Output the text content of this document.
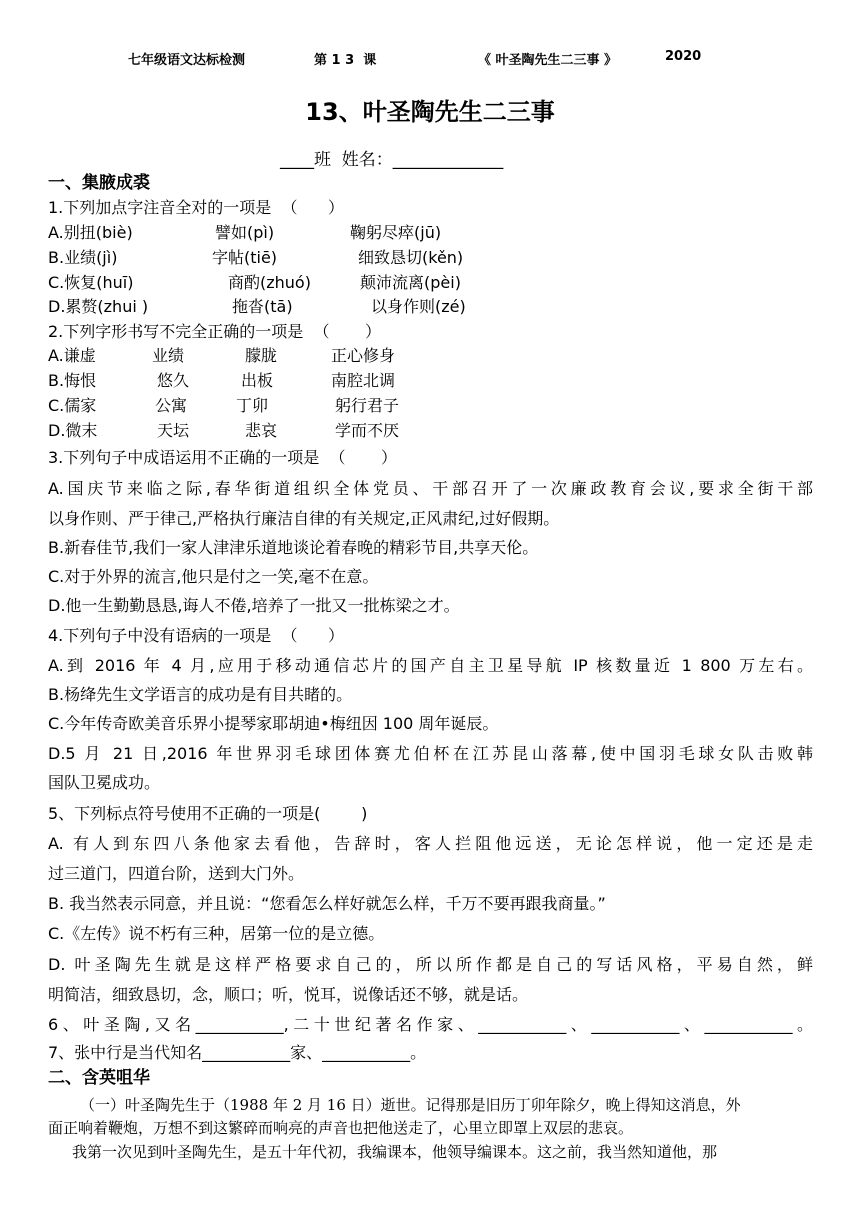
七年级语文达标检测	第 1 3  课	《 叶圣陶先生二三事 》	2020
13、叶圣陶先生二三事
____班  姓名：_____________
一、集腋成裘
1.下列加点字注音全对的一项是  （      ）
A.别扭(biè)	譬如(pì)	鞠躬尽瘁(jū)
B.业绩(jì)	字帖(tiē)	细致恳切(kěn)
C.恢复(huī)	商酌(zhuó)	颠沛流离(pèi)
D.累赘(zhui )	拖沓(tā)	以身作则(zé)
2.下列字形书写不完全正确的一项是  （       ）
A.谦虚	业绩	朦胧	正心修身
B.悔恨	悠久	出板	南腔北调
C.儒家	公寓	丁卯	躬行君子
D.微末	天坛	悲哀	学而不厌
3.下列句子中成语运用不正确的一项是  （       ）
A.国庆节来临之际,春华街道组织全体党员、干部召开了一次廉政教育会议,要求全街干部
以身作则、严于律己,严格执行廉洁自律的有关规定,正风肃纪,过好假期。
B.新春佳节,我们一家人津津乐道地谈论着春晚的精彩节目,共享天伦。
C.对于外界的流言,他只是付之一笑,毫不在意。
D.他一生勤勤恳恳,诲人不倦,培养了一批又一批栋梁之才。
4.下列句子中没有语病的一项是  （      ）
A.到 2016 年 4 月,应用于移动通信芯片的国产自主卫星导航 IP 核数量近 1 800 万左右。
B.杨绛先生文学语言的成功是有目共睹的。
C.今年传奇欧美音乐界小提琴家耶胡迪•梅纽因 100 周年诞辰。
D.5 月 21 日,2016 年世界羽毛球团体赛尤伯杯在江苏昆山落幕,使中国羽毛球女队击败韩
国队卫冕成功。
5、下列标点符号使用不正确的一项是(        )
A. 有人到东四八条他家去看他，告辞时，客人拦阻他远送，无论怎样说，他一定还是走
过三道门，四道台阶，送到大门外。
B. 我当然表示同意，并且说：“您看怎么样好就怎么样，千万不要再跟我商量。”
C.《左传》说不朽有三种，居第一位的是立德。
D. 叶圣陶先生就是这样严格要求自己的，所以所作都是自己的写话风格，平易自然，鲜
明简洁，细致恳切，念，顺口；听，悦耳，说像话还不够，就是话。
6、叶圣陶,又名___________,二十世纪著名作家、___________、___________、___________。
7、张中行是当代知名___________家、___________。
二、含英咀华
（一）叶圣陶先生于（1988 年 2 月 16 日）逝世。记得那是旧历丁卯年除夕，晚上得知这消息，外
面正响着鞭炮，万想不到这繁碎而响亮的声音也把他送走了，心里立即罩上双层的悲哀。
我第一次见到叶圣陶先生，是五十年代初，我编课本，他领导编课本。这之前，我当然知道他，那
